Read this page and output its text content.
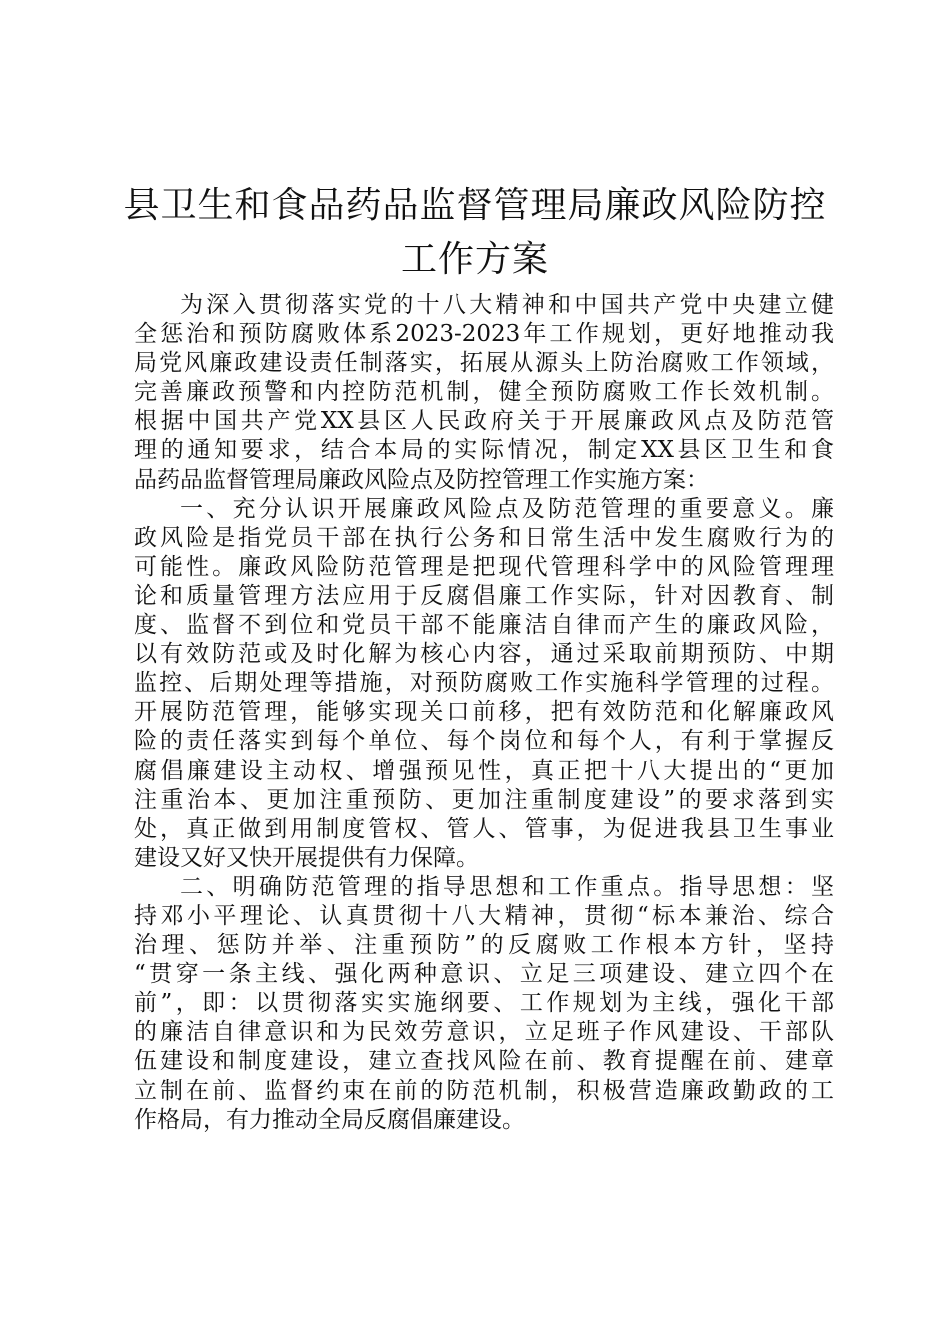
县卫生和食品药品监督管理局廉政风险防控
工作方案
为深入贯彻落实党的十八大精神和中国共产党中央建立健
全惩治和预防腐败体系2023-2023年工作规划，更好地推动我
局党风廉政建设责任制落实，拓展从源头上防治腐败工作领域，
完善廉政预警和内控防范机制，健全预防腐败工作长效机制。
根据中国共产党XX县区人民政府关于开展廉政风点及防范管
理的通知要求，结合本局的实际情况，制定XX县区卫生和食
品药品监督管理局廉政风险点及防控管理工作实施方案：
一、充分认识开展廉政风险点及防范管理的重要意义。廉
政风险是指党员干部在执行公务和日常生活中发生腐败行为的
可能性。廉政风险防范管理是把现代管理科学中的风险管理理
论和质量管理方法应用于反腐倡廉工作实际，针对因教育、制
度、监督不到位和党员干部不能廉洁自律而产生的廉政风险，
以有效防范或及时化解为核心内容，通过采取前期预防、中期
监控、后期处理等措施，对预防腐败工作实施科学管理的过程。
开展防范管理，能够实现关口前移，把有效防范和化解廉政风
险的责任落实到每个单位、每个岗位和每个人，有利于掌握反
腐倡廉建设主动权、增强预见性，真正把十八大提出的“更加
注重治本、更加注重预防、更加注重制度建设”的要求落到实
处，真正做到用制度管权、管人、管事，为促进我县卫生事业
建设又好又快开展提供有力保障。
二、明确防范管理的指导思想和工作重点。指导思想：坚
持邓小平理论、认真贯彻十八大精神，贯彻“标本兼治、综合
治理、惩防并举、注重预防”的反腐败工作根本方针，坚持
“贯穿一条主线、强化两种意识、立足三项建设、建立四个在
前”，即：以贯彻落实实施纲要、工作规划为主线，强化干部
的廉洁自律意识和为民效劳意识，立足班子作风建设、干部队
伍建设和制度建设，建立查找风险在前、教育提醒在前、建章
立制在前、监督约束在前的防范机制，积极营造廉政勤政的工
作格局，有力推动全局反腐倡廉建设。
